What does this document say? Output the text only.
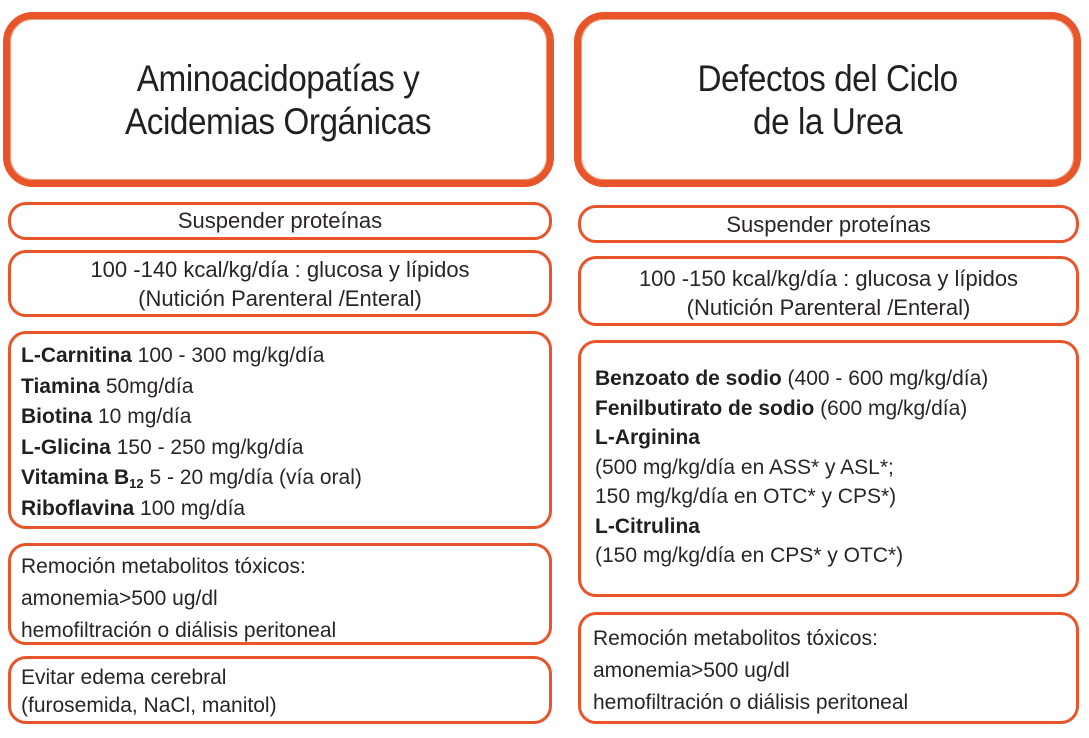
Aminoacidopatías y
Acidemias Orgánicas
Suspender proteínas
100 -140 kcal/kg/día : glucosa y lípidos
(Nutición Parenteral /Enteral)
L-Carnitina 100 - 300 mg/kg/día
Tiamina 50mg/día
Biotina 10 mg/día
L-Glicina 150 - 250 mg/kg/día
Vitamina $B_{12}$ 5 - 20 mg/día (vía oral)
Riboflavina 100 mg/día
Remoción metabolitos tóxicos:
amonemia>500 ug/dl
hemofiltración o diálisis peritoneal
Evitar edema cerebral
(furosemida, NaCl, manitol)
Defectos del Ciclo
de la Urea
Suspender proteínas
100 -150 kcal/kg/día : glucosa y lípidos
(Nutición Parenteral /Enteral)
Benzoato de sodio (400 - 600 mg/kg/día)
Fenilbutirato de sodio (600 mg/kg/día)
L-Arginina
(500 mg/kg/día en ASS* y ASL*;
150 mg/kg/día en OTC* y CPS*)
L-Citrulina
(150 mg/kg/día en CPS* y OTC*)
Remoción metabolitos tóxicos:
amonemia>500 ug/dl
hemofiltración o diálisis peritoneal
